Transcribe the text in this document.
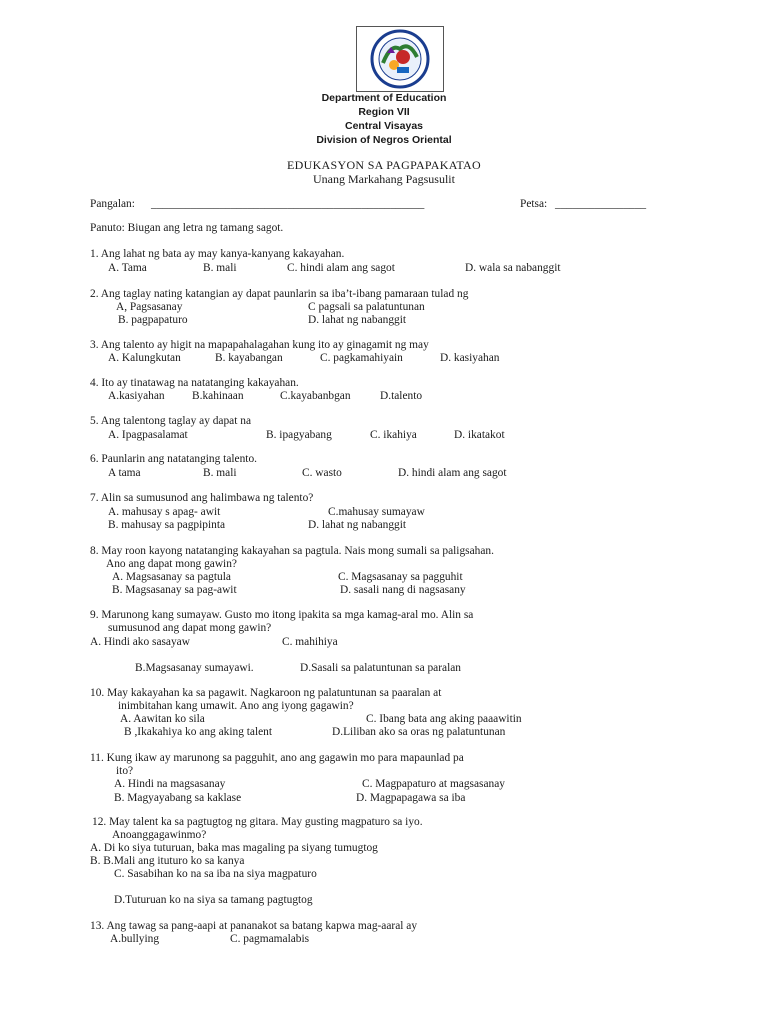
Department of Education
Region VII
Central Visayas
Division of Negros Oriental
EDUKASYON SA PAGPAPAKATAO
Unang Markahang Pagsusulit
Pangalan: ________________________________________________	Petsa: ________________
Panuto: Biugan ang letra ng tamang sagot.
1. Ang lahat ng bata ay may kanya-kanyang kakayahan.
A. Tama	B. mali	C. hindi alam ang sagot	D. wala sa nabanggit
2. Ang taglay nating katangian ay dapat paunlarin sa iba’t-ibang pamaraan tulad ng
A, Pagsasanay	C pagsali sa palatuntunan
B. pagpapaturo	D. lahat ng nabanggit
3. Ang talento ay higit na mapapahalagahan kung ito ay ginagamit ng may
A. Kalungkutan	B. kayabangan	C. pagkamahiyain	D. kasiyahan
4. Ito ay tinatawag na natatanging kakayahan.
A.kasiyahan B.kahinaan	C.kayabanbgan	D.talento
5. Ang talentong taglay ay dapat na
A. Ipagpasalamat	B. ipagyabang	C. ikahiya	D. ikatakot
6. Paunlarin ang natatanging talento.
A tama	B. mali	C. wasto	D. hindi alam ang sagot
7. Alin sa sumusunod ang halimbawa ng talento?
A. mahusay s apag- awit	C.mahusay sumayaw
B. mahusay sa pagpipinta	D. lahat ng nabanggit
8. May roon kayong natatanging kakayahan sa pagtula. Nais mong sumali sa paligsahan.
Ano ang dapat mong gawin?
A. Magsasanay sa pagtula	C. Magsasanay sa pagguhit
B. Magsasanay sa pag-awit	D. sasali nang di nagsasany
9. Marunong kang sumayaw. Gusto mo itong ipakita sa mga kamag-aral mo. Alin sa
sumusunod ang dapat mong gawin?
A. Hindi ako sasayaw	C. mahihiya
B.Magsasanay sumayawi.	D.Sasali sa palatuntunan sa paralan
10. May kakayahan ka sa pagawit. Nagkaroon ng palatuntunan sa paaralan at
inimbitahan kang umawit. Ano ang iyong gagawin?
A. Aawitan ko sila	C. Ibang bata ang aking paaawitin
B ,Ikakahiya ko ang aking talent	D.Liliban ako sa oras ng palatuntunan
11. Kung ikaw ay marunong sa pagguhit, ano ang gagawin mo para mapaunlad pa
ito?
A. Hindi na magsasanay	C. Magpapaturo at magsasanay
B. Magyayabang sa kaklase	D. Magpapagawa sa iba
12. May talent ka sa pagtugtog ng gitara. May gusting magpaturo sa iyo.
Anoanggagawinmo?
A. Di ko siya tuturuan, baka mas magaling pa siyang tumugtog
B. B.Mali ang ituturo ko sa kanya
C. Sasabihan ko na sa iba na siya magpaturo
D.Tuturuan ko na siya sa tamang pagtugtog
13. Ang tawag sa pang-aapi at pananakot sa batang kapwa mag-aaral ay
A.bullying	C. pagmamalabis
